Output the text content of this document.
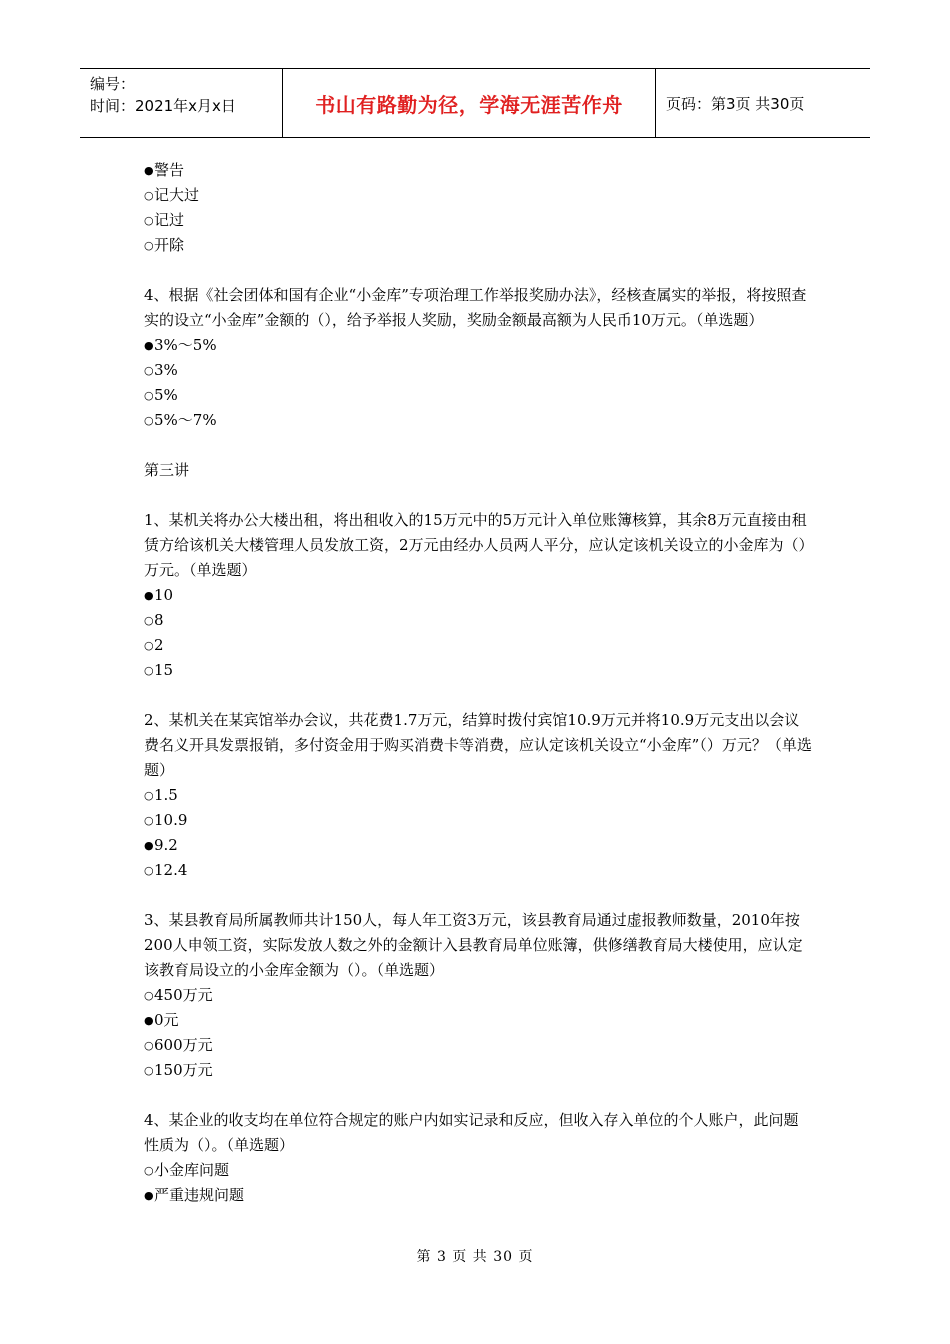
编号：
时间：2021年x月x日	书山有路勤为径，学海无涯苦作舟	页码：第3页 共30页
●警告
○记大过
○记过
○开除

4、根据《社会团体和国有企业“小金库”专项治理工作举报奖励办法》，经核查属实的举报，将按照查实的设立“小金库”金额的（），给予举报人奖励，奖励金额最高额为人民币10万元。（单选题）

●3%～5%
○3%
○5%
○5%～7%
第三讲

1、某机关将办公大楼出租，将出租收入的15万元中的5万元计入单位账簿核算，其余8万元直接由租赁方给该机关大楼管理人员发放工资，2万元由经办人员两人平分，应认定该机关设立的小金库为（）万元。（单选题）

●10
○8
○2
○15

2、某机关在某宾馆举办会议，共花费1.7万元，结算时拨付宾馆10.9万元并将10.9万元支出以会议费名义开具发票报销，多付资金用于购买消费卡等消费，应认定该机关设立“小金库”（）万元？（单选题）

○1.5
○10.9
●9.2
○12.4

3、某县教育局所属教师共计150人，每人年工资3万元，该县教育局通过虚报教师数量，2010年按200人申领工资，实际发放人数之外的金额计入县教育局单位账簿，供修缮教育局大楼使用，应认定该教育局设立的小金库金额为（）。（单选题）

○450万元
●0元
○600万元
○150万元

4、某企业的收支均在单位符合规定的账户内如实记录和反应，但收入存入单位的个人账户，此问题性质为（）。（单选题）

○小金库问题
●严重违规问题
第 3 页 共 30 页
